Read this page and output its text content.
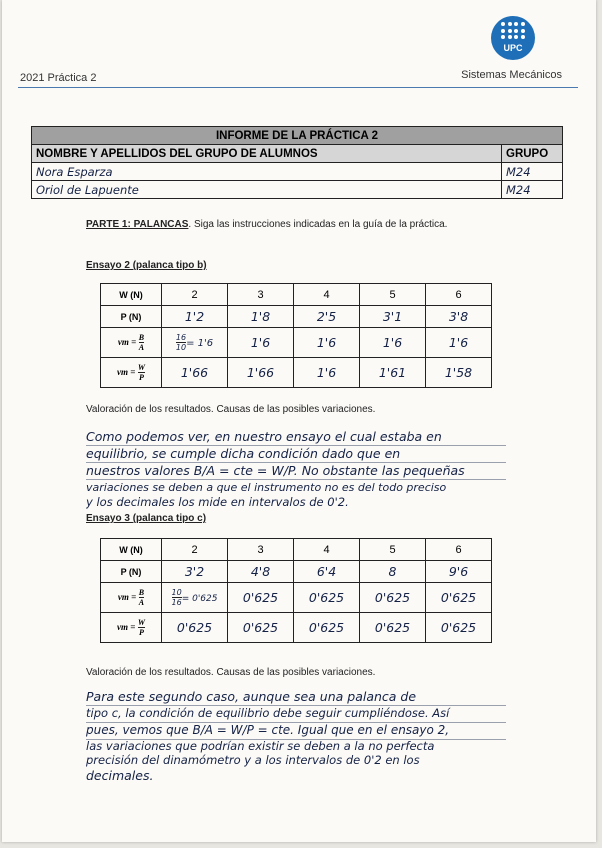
UPC
2021 Práctica 2	Sistemas Mecánicos
INFORME DE LA PRÁCTICA 2	
NOMBRE Y APELLIDOS DEL GRUPO DE ALUMNOS	GRUPO
Nora Esparza	M24
Oriol de Lapuente	M24
PARTE 1: PALANCAS. Siga las instrucciones indicadas en la guía de la práctica.
Ensayo 2 (palanca tipo b)
W (N)	2	3	4	5	6
P (N)	1'2	1'8	2'5	3'1	3'8
vm = $\frac{B}{A}$	$\frac{16}{10} = 1'6$	1'6	1'6	1'6	1'6
vm = $\frac{W}{P}$	1'66	1'66	1'6	1'61	1'58
Valoración de los resultados. Causas de las posibles variaciones.
Como podemos ver, en nuestro ensayo el cual estaba en
equilibrio, se cumple dicha condición dado que en
nuestros valores B/A = cte = W/P. No obstante las pequeñas
variaciones se deben a que el instrumento no es del todo preciso
y los decimales los mide en intervalos de 0'2.
Ensayo 3 (palanca tipo c)
W (N)	2	3	4	5	6
P (N)	3'2	4'8	6'4	8	9'6
vm = $\frac{B}{A}$	$\frac{10}{16} = 0'625$	0'625	0'625	0'625	0'625
vm = $\frac{W}{P}$	0'625	0'625	0'625	0'625	0'625
Valoración de los resultados. Causas de las posibles variaciones.
Para este segundo caso, aunque sea una palanca de
tipo c, la condición de equilibrio debe seguir cumpliéndose. Así
pues, vemos que B/A = W/P = cte. Igual que en el ensayo 2,
las variaciones que podrían existir se deben a la no perfecta
precisión del dinamómetro y a los intervalos de 0'2 en los
decimales.
